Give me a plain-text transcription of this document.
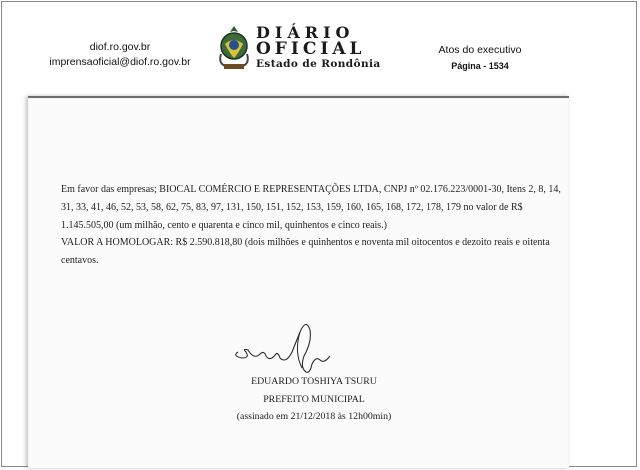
diof.ro.gov.br
imprensaoficial@diof.ro.gov.br
DIÁRIO
OFICIAL
Estado de Rondônia
Atos do executivo
Página - 1534
Em favor das empresas; BIOCAL COMÉRCIO E REPRESENTAÇÕES LTDA, CNPJ nº 02.176.223/0001-30, Itens 2, 8, 14, 31, 33, 41, 46, 52, 53, 58, 62, 75, 83, 97, 131, 150, 151, 152, 153, 159, 160, 165, 168, 172, 178, 179 no valor de R$ 1.145.505,00 (um milhão, cento e quarenta e cinco mil, quinhentos e cinco reais.)
VALOR A HOMOLOGAR: R$ 2.590.818,80 (dois milhões e quinhentos e noventa mil oitocentos e dezoito reais e oitenta centavos.
EDUARDO TOSHIYA TSURU
PREFEITO MUNICIPAL
(assinado em 21/12/2018 às 12h00min)
